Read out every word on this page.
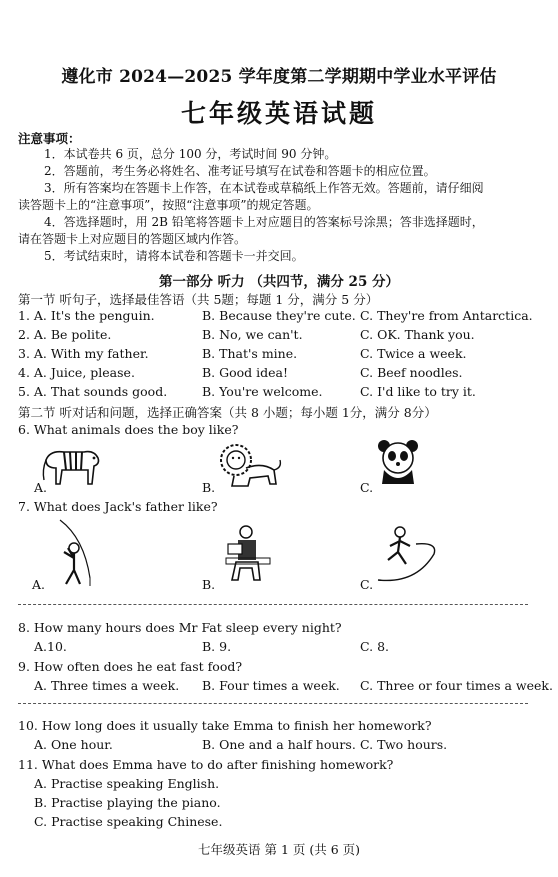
遵化市 2024—2025 学年度第二学期期中学业水平评估
七年级英语试题
注意事项：
1．本试卷共 6 页，总分 100 分，考试时间 90 分钟。
2．答题前，考生务必将姓名、准考证号填写在试卷和答题卡的相应位置。
3．所有答案均在答题卡上作答，在本试卷或草稿纸上作答无效。答题前，请仔细阅
读答题卡上的“注意事项”，按照“注意事项”的规定答题。
4．答选择题时，用 2B 铅笔将答题卡上对应题目的答案标号涂黑；答非选择题时，
请在答题卡上对应题目的答题区域内作答。
5．考试结束时，请将本试卷和答题卡一并交回。
第一部分 听力 （共四节，满分 25 分）
第一节 听句子，选择最佳答语（共 5题；每题 1 分，满分 5 分）
1. A. It's the penguin.	B. Because they're cute. C. They're from Antarctica.
2. A. Be polite.	B. No, we can't.	C. OK. Thank you.
3. A. With my father.	B. That's mine.	C. Twice a week.
4. A. Juice, please.	B. Good idea!	C. Beef noodles.
5. A. That sounds good.	B. You're welcome.	C. I'd like to try it.
第二节 听对话和问题，选择正确答案（共 8 小题；每小题 1分，满分 8分）
6. What animals does the boy like?
A.	B.	C.
7. What does Jack's father like?
A.	B.	C.
8. How many hours does Mr Fat sleep every night?
A.10.	B. 9.	C. 8.
9. How often does he eat fast food?
A. Three times a week. B. Four times a week. C. Three or four times a week.
10. How long does it usually take Emma to finish her homework?
A. One hour.	B. One and a half hours. C. Two hours.
11. What does Emma have to do after finishing homework?
A. Practise speaking English.
B. Practise playing the piano.
C. Practise speaking Chinese.
七年级英语 第 1 页 (共 6 页)
